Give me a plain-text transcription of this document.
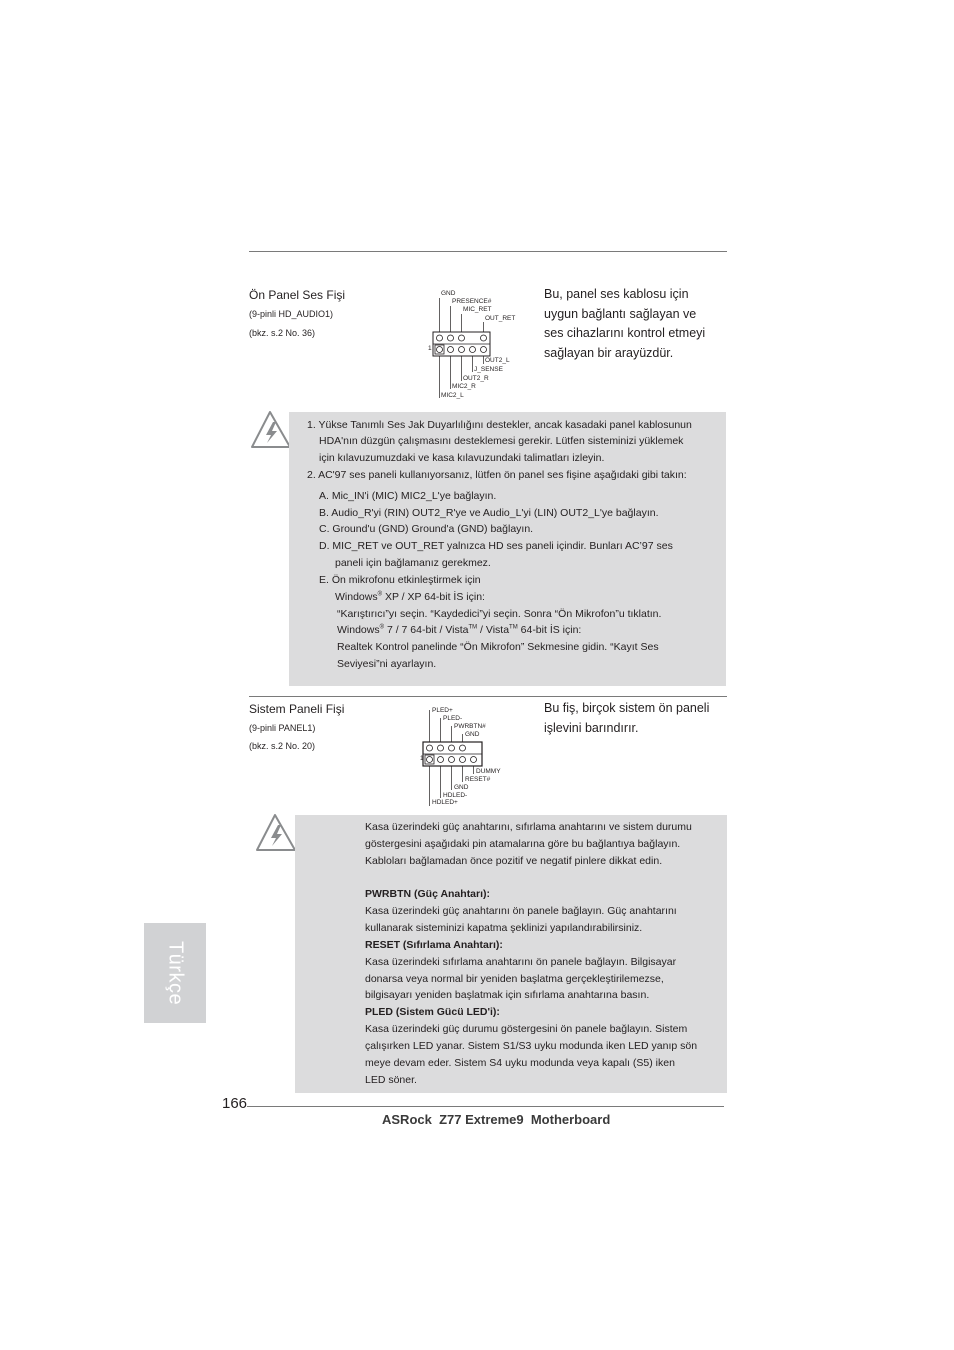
Ön Panel Ses Fişi
(9-pinli HD_AUDIO1)
(bkz. s.2 No. 36)
Bu, panel ses kablosu için
uygun bağlantı sağlayan ve
ses cihazlarını kontrol etmeyi
sağlayan bir arayüzdür.
GND
PRESENCE#
MIC_RET
OUT_RET
1
OUT2_L
J_SENSE
OUT2_R
MIC2_R
MIC2_L
1. Yükse Tanımlı Ses Jak Duyarlılığını destekler, ancak kasadaki panel kablosunun
HDA'nın düzgün çalışmasını desteklemesi gerekir. Lütfen sisteminizi yüklemek
için kılavuzumuzdaki ve kasa kılavuzundaki talimatları izleyin.
2. AC'97 ses paneli kullanıyorsanız, lütfen ön panel ses fişine aşağıdaki gibi takın:
A. Mic_IN'i (MIC) MIC2_L'ye bağlayın.
B. Audio_R'yi (RIN) OUT2_R'ye ve Audio_L'yi (LIN) OUT2_L'ye bağlayın.
C. Ground'u (GND) Ground'a (GND) bağlayın.
D. MIC_RET ve OUT_RET yalnızca HD ses paneli içindir. Bunları AC’97 ses
paneli için bağlamanız gerekmez.
E. Ön mikrofonu etkinleştirmek için
Windows® XP / XP 64-bit İS için:
“Karıştırıcı”yı seçin. “Kaydedici”yi seçin. Sonra “Ön Mikrofon”u tıklatın.
Windows® 7 / 7 64-bit / Vista™ / Vista™ 64-bit İS için:
Realtek Kontrol panelinde “Ön Mikrofon” Sekmesine gidin. “Kayıt Ses
Seviyesi”ni ayarlayın.
Sistem Paneli Fişi
(9-pinli PANEL1)
(bkz. s.2 No. 20)
Bu fiş, birçok sistem ön paneli
işlevini barındırır.
PLED+
PLED-
PWRBTN#
GND
1
DUMMY
RESET#
GND
HDLED-
HDLED+
Kasa üzerindeki güç anahtarını, sıfırlama anahtarını ve sistem durumu
göstergesini aşağıdaki pin atamalarına göre bu bağlantıya bağlayın.
Kabloları bağlamadan önce pozitif ve negatif pinlere dikkat edin.
PWRBTN (Güç Anahtarı):
Kasa üzerindeki güç anahtarını ön panele bağlayın. Güç anahtarını
kullanarak sisteminizi kapatma şeklinizi yapılandırabilirsiniz.
RESET (Sıfırlama Anahtarı):
Kasa üzerindeki sıfırlama anahtarını ön panele bağlayın. Bilgisayar
donarsa veya normal bir yeniden başlatma gerçekleştirilemezse,
bilgisayarı yeniden başlatmak için sıfırlama anahtarına basın.
PLED (Sistem Gücü LED'i):
Kasa üzerindeki güç durumu göstergesini ön panele bağlayın. Sistem
çalışırken LED yanar. Sistem S1/S3 uyku modunda iken LED yanıp sön
meye devam eder. Sistem S4 uyku modunda veya kapalı (S5) iken
LED söner.
Türkçe
166
ASRock  Z77 Extreme9  Motherboard
